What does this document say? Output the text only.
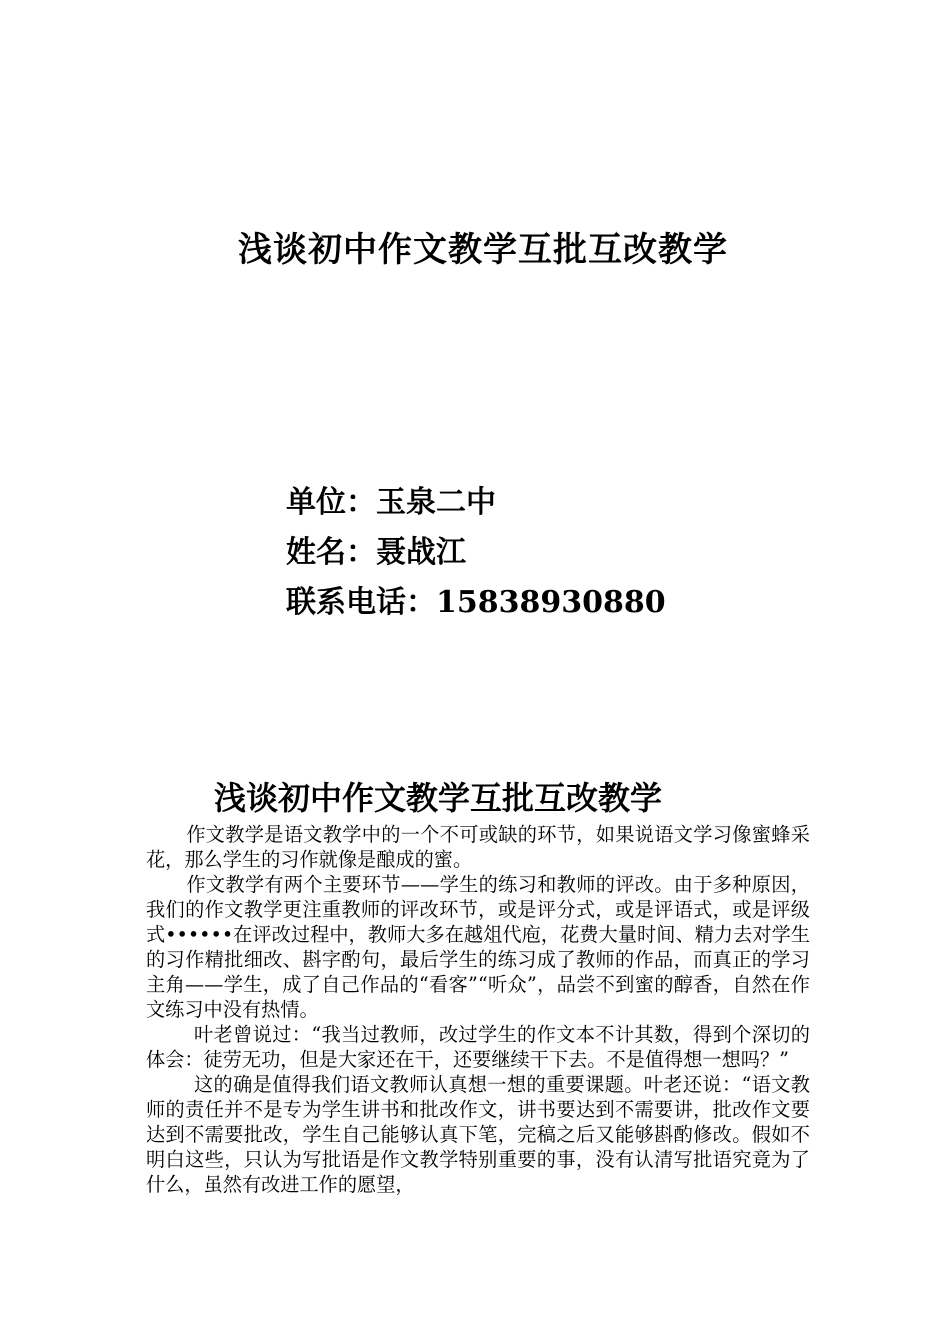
浅谈初中作文教学互批互改教学
单位：玉泉二中
姓名：聂战江
联系电话：15838930880
浅谈初中作文教学互批互改教学

作文教学是语文教学中的一个不可或缺的环节，如果说语文学习像蜜蜂采花，那么学生的习作就像是酿成的蜜。

作文教学有两个主要环节——学生的练习和教师的评改。由于多种原因，我们的作文教学更注重教师的评改环节，或是评分式，或是评语式，或是评级式••••••在评改过程中，教师大多在越俎代庖，花费大量时间、精力去对学生的习作精批细改、斟字酌句，最后学生的练习成了教师的作品，而真正的学习主角——学生，成了自己作品的“看客”“听众”，品尝不到蜜的醇香，自然在作文练习中没有热情。

叶老曾说过：“我当过教师，改过学生的作文本不计其数，得到个深切的体会：徒劳无功，但是大家还在干，还要继续干下去。不是值得想一想吗？”

这的确是值得我们语文教师认真想一想的重要课题。叶老还说：“语文教师的责任并不是专为学生讲书和批改作文，讲书要达到不需要讲，批改作文要达到不需要批改，学生自己能够认真下笔，完稿之后又能够斟酌修改。假如不明白这些，只认为写批语是作文教学特别重要的事，没有认清写批语究竟为了什么，虽然有改进工作的愿望，
